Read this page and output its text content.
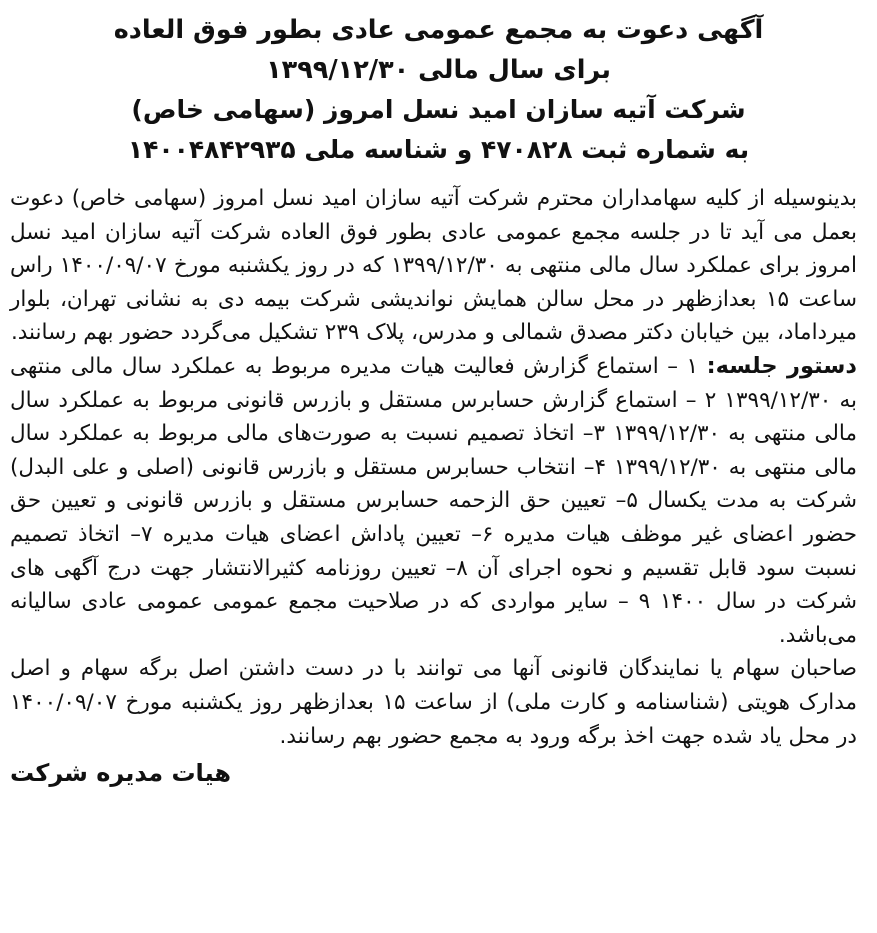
آگهی دعوت به مجمع عمومی عادی بطور فوق العاده
برای سال مالی ۱۳۹۹/۱۲/۳۰
شرکت آتیه سازان امید نسل امروز (سهامی خاص)
به شماره ثبت ۴۷۰۸۲۸ و شناسه ملی ۱۴۰۰۴۸۴۲۹۳۵

بدینوسیله از کلیه سهامداران محترم شرکت آتیه سازان امید نسل امروز (سهامی خاص) دعوت بعمل می آید تا در جلسه مجمع عمومی عادی بطور فوق العاده شرکت آتیه سازان امید نسل امروز برای عملکرد سال مالی منتهی به ۱۳۹۹/۱۲/۳۰ که در روز یکشنبه مورخ ۱۴۰۰/۰۹/۰۷ راس ساعت ۱۵ بعدازظهر در محل سالن همایش نواندیشی شرکت بیمه دی به نشانی تهران، بلوار میرداماد، بین خیابان دکتر مصدق شمالی و مدرس، پلاک ۲۳۹ تشکیل می‌گردد حضور بهم رسانند.

دستور جلسه: ۱ – استماع گزارش فعالیت هیات مدیره مربوط به عملکرد سال مالی منتهی به ۱۳۹۹/۱۲/۳۰ ۲ – استماع گزارش حسابرس مستقل و بازرس قانونی مربوط به عملکرد سال مالی منتهی به ۱۳۹۹/۱۲/۳۰ ۳– اتخاذ تصمیم نسبت به صورت‌های مالی مربوط به عملکرد سال مالی منتهی به ۱۳۹۹/۱۲/۳۰ ۴– انتخاب حسابرس مستقل و بازرس قانونی (اصلی و علی البدل) شرکت به مدت یکسال ۵– تعیین حق الزحمه حسابرس مستقل و بازرس قانونی و تعیین حق حضور اعضای غیر موظف هیات مدیره ۶– تعیین پاداش اعضای هیات مدیره ۷– اتخاذ تصمیم نسبت سود قابل تقسیم و نحوه اجرای آن ۸– تعیین روزنامه کثیرالانتشار جهت درج آگهی های شرکت در سال ۱۴۰۰ ۹ – سایر مواردی که در صلاحیت مجمع عمومی عمومی عادی سالیانه می‌باشد.

صاحبان سهام یا نمایندگان قانونی آنها می توانند با در دست داشتن اصل برگه سهام و اصل مدارک هویتی (شناسنامه و کارت ملی) از ساعت ۱۵ بعدازظهر روز یکشنبه مورخ ۱۴۰۰/۰۹/۰۷ در محل یاد شده جهت اخذ برگه ورود به مجمع حضور بهم رسانند.

هیات مدیره شرکت
